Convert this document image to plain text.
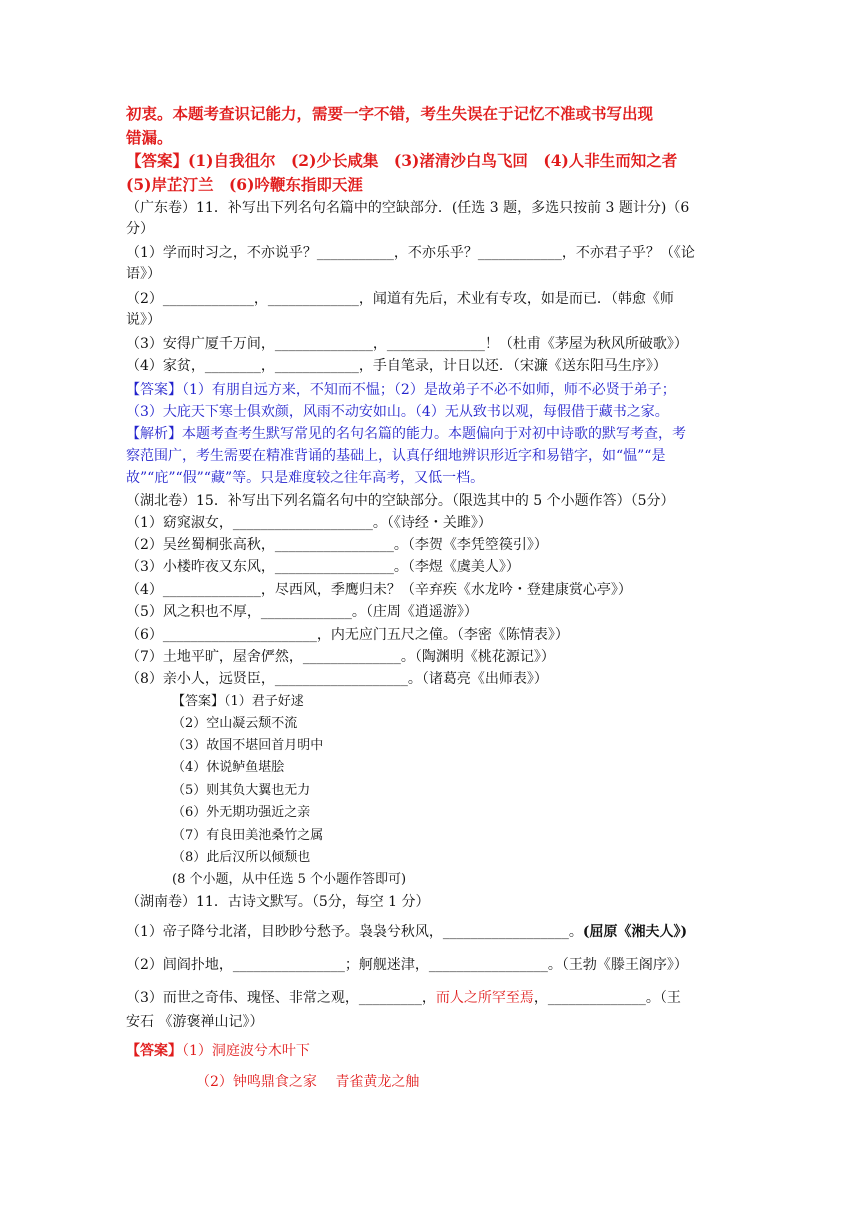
初衷。本题考查识记能力，需要一字不错，考生失误在于记忆不准或书写出现
错漏。
【答案】(1)自我徂尔　(2)少长咸集　(3)渚清沙白鸟飞回　(4)人非生而知之者
(5)岸芷汀兰　(6)吟鞭东指即天涯
（广东卷）11．补写出下列名句名篇中的空缺部分．(任选 3 题，多选只按前 3 题计分)（6
分）
（1）学而时习之，不亦说乎？___________，不亦乐乎？____________，不亦君子乎？（《论
语》）
（2）_____________，_____________，闻道有先后，术业有专攻，如是而已．（韩愈《师
说》）
（3）安得广厦千万间，______________，______________！（杜甫《茅屋为秋风所破歌》）
（4）家贫，________，____________，手自笔录，计日以还．（宋濂《送东阳马生序》）
【答案】（1）有朋自远方来，不知而不愠；（2）是故弟子不必不如师，师不必贤于弟子；
（3）大庇天下寒士俱欢颜，风雨不动安如山。（4）无从致书以观，每假借于藏书之家。
【解析】本题考查考生默写常见的名句名篇的能力。本题偏向于对初中诗歌的默写考查，考
察范围广，考生需要在精准背诵的基础上，认真仔细地辨识形近字和易错字，如“愠”“是
故”“庇”“假”“藏”等。只是难度较之往年高考，又低一档。
（湖北卷）15．补写出下列名篇名句中的空缺部分。（限选其中的 5 个小题作答）（5分）
（1）窈窕淑女，____________________。（《诗经・关雎》）
（2）吴丝蜀桐张高秋，_________________。（李贺《李凭箜篌引》）
（3）小楼昨夜又东风，_________________。（李煜《虞美人》）
（4）______________，尽西风，季鹰归未？（辛弃疾《水龙吟・登建康赏心亭》）
（5）风之积也不厚，_____________。（庄周《逍遥游》）
（6）______________________，内无应门五尺之僮。（李密《陈情表》）
（7）土地平旷，屋舍俨然，______________。（陶渊明《桃花源记》）
（8）亲小人，远贤臣，___________________。（诸葛亮《出师表》）
【答案】（1）君子好逑
（2）空山凝云颓不流
（3）故国不堪回首月明中
（4）休说鲈鱼堪脍
（5）则其负大翼也无力
（6）外无期功强近之亲
（7）有良田美池桑竹之属
（8）此后汉所以倾颓也
(8 个小题，从中任选 5 个小题作答即可)
（湖南卷）11．古诗文默写。（5分，每空 1 分）
（1）帝子降兮北渚，目眇眇兮愁予。袅袅兮秋风，__________________。(屈原《湘夫人》)
（2）闾阎扑地，________________；舸舰迷津，_________________。（王勃《滕王阁序》）
（3）而世之奇伟、瑰怪、非常之观，_________，而人之所罕至焉，______________。（王
安石 《游褒禅山记》）
【答案】（1）洞庭波兮木叶下
（2）钟鸣鼎食之家　 青雀黄龙之舳
